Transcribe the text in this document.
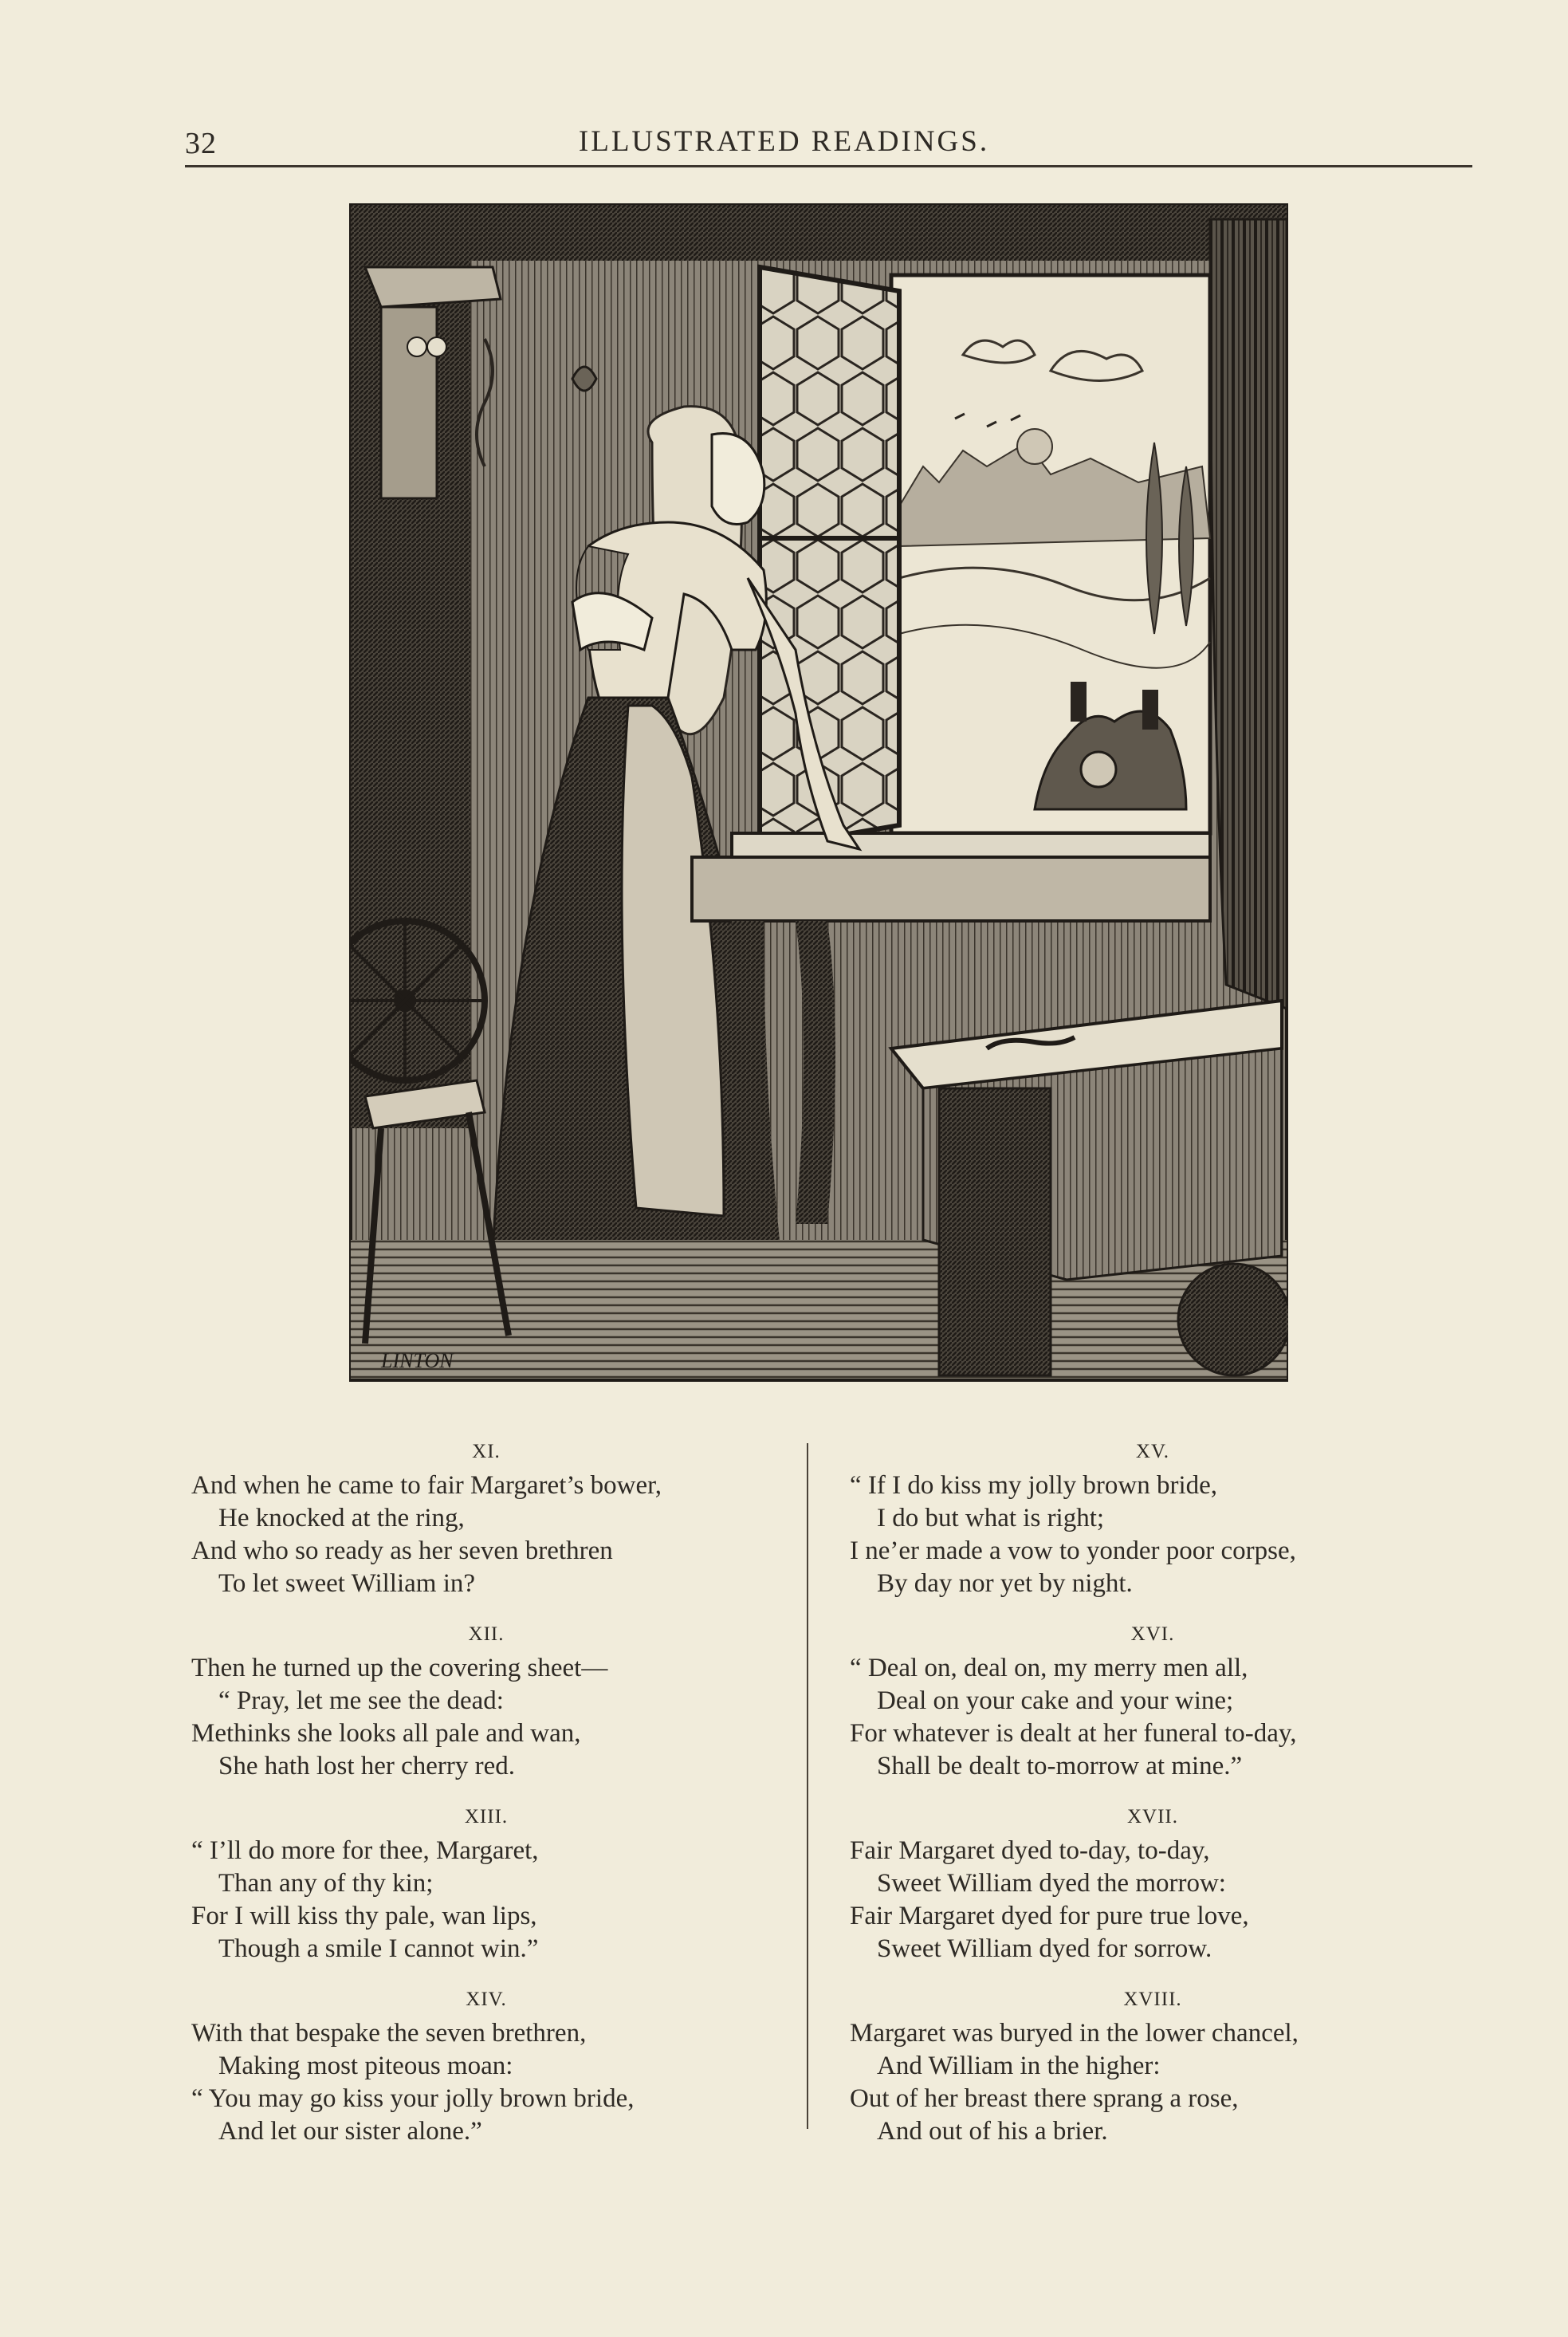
32	ILLUSTRATED READINGS.
LINTON
XI.
And when he came to fair Margaret’s bower,
He knocked at the ring,
And who so ready as her seven brethren
To let sweet William in?
XII.
Then he turned up the covering sheet—
“ Pray, let me see the dead:
Methinks she looks all pale and wan,
She hath lost her cherry red.
XIII.
“ I’ll do more for thee, Margaret,
Than any of thy kin;
For I will kiss thy pale, wan lips,
Though a smile I cannot win.”
XIV.
With that bespake the seven brethren,
Making most piteous moan:
“ You may go kiss your jolly brown bride,
And let our sister alone.”
XV.
“ If I do kiss my jolly brown bride,
I do but what is right;
I ne’er made a vow to yonder poor corpse,
By day nor yet by night.
XVI.
“ Deal on, deal on, my merry men all,
Deal on your cake and your wine;
For whatever is dealt at her funeral to-day,
Shall be dealt to-morrow at mine.”
XVII.
Fair Margaret dyed to-day, to-day,
Sweet William dyed the morrow:
Fair Margaret dyed for pure true love,
Sweet William dyed for sorrow.
XVIII.
Margaret was buryed in the lower chancel,
And William in the higher:
Out of her breast there sprang a rose,
And out of his a brier.
